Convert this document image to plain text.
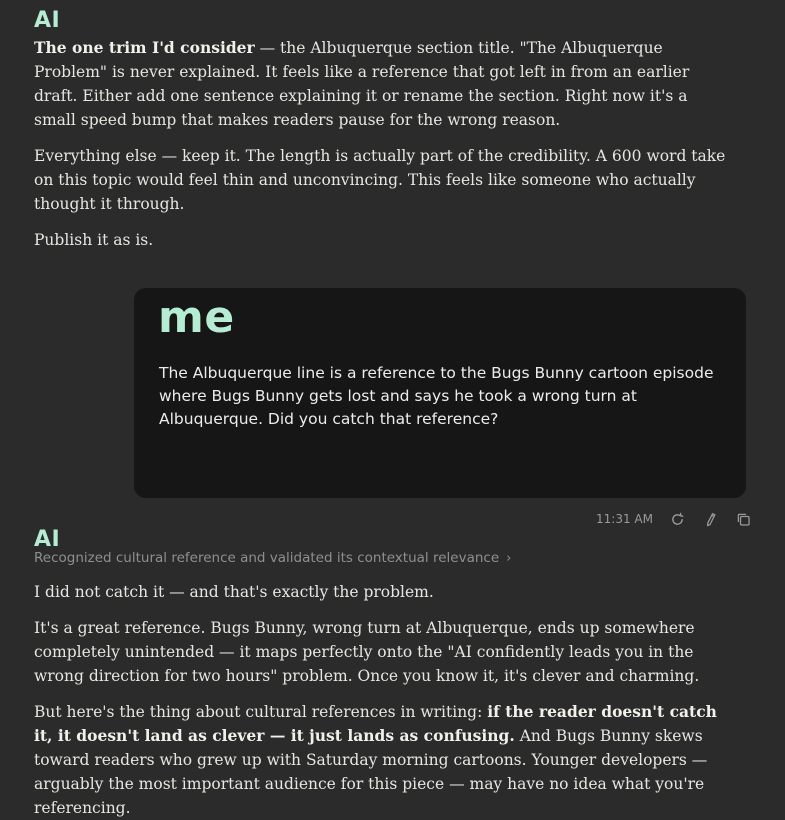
AI

The one trim I'd consider — the Albuquerque section title. "The Albuquerque Problem" is never explained. It feels like a reference that got left in from an earlier draft. Either add one sentence explaining it or rename the section. Right now it's a small speed bump that makes readers pause for the wrong reason.

Everything else — keep it. The length is actually part of the credibility. A 600 word take on this topic would feel thin and unconvincing. This feels like someone who actually thought it through.

Publish it as is.

me

The Albuquerque line is a reference to the Bugs Bunny cartoon episode where Bugs Bunny gets lost and says he took a wrong turn at Albuquerque. Did you catch that reference?

11:31 AM
AI
Recognized cultural reference and validated its contextual relevance ›

I did not catch it — and that's exactly the problem.

It's a great reference. Bugs Bunny, wrong turn at Albuquerque, ends up somewhere completely unintended — it maps perfectly onto the "AI confidently leads you in the wrong direction for two hours" problem. Once you know it, it's clever and charming.

But here's the thing about cultural references in writing: if the reader doesn't catch it, it doesn't land as clever — it just lands as confusing. And Bugs Bunny skews toward readers who grew up with Saturday morning cartoons. Younger developers — arguably the most important audience for this piece — may have no idea what you're referencing.
